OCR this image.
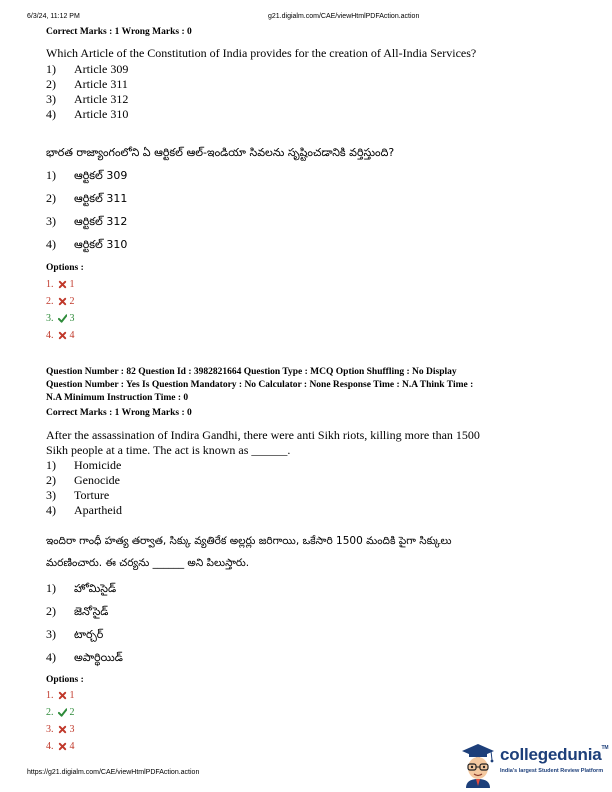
6/3/24, 11:12 PM	g21.digialm.com/CAE/viewHtmlPDFAction.action
Correct Marks : 1 Wrong Marks : 0
Which Article of the Constitution of India provides for the creation of All-India Services?
1) Article 309
2) Article 311
3) Article 312
4) Article 310
భారత రాజ్యాంగంలోని ఏ ఆర్టికల్ ఆల్-ఇండియా సివలను సృష్టించడానికి వర్తిస్తుంది?
1) ఆర్టికల్ 309
2) ఆర్టికల్ 311
3) ఆర్టికల్ 312
4) ఆర్టికల్ 310
Options :
1. 1
2. 2
3. 3
4. 4
Question Number : 82 Question Id : 3982821664 Question Type : MCQ Option Shuffling : No Display
Question Number : Yes Is Question Mandatory : No Calculator : None Response Time : N.A Think Time :
N.A Minimum Instruction Time : 0
Correct Marks : 1 Wrong Marks : 0
After the assassination of Indira Gandhi, there were anti Sikh riots, killing more than 1500
Sikh people at a time. The act is known as ______.
1) Homicide
2) Genocide
3) Torture
4) Apartheid
ఇందిరా గాంధీ హత్య తర్వాత, సిక్కు వ్యతిరేక అల్లర్లు జరిగాయి, ఒకేసారి 1500 మందికి పైగా సిక్కులు
మరణించారు. ఈ చర్యను ______ అని పిలుస్తారు.
1) హోమిసైడ్
2) జెనోసైడ్
3) టార్చర్
4) అపార్థియిడ్
Options :
1. 1
2. 2
3. 3
4. 4
https://g21.digialm.com/CAE/viewHtmlPDFAction.action
collegedunia™
India's largest Student Review Platform
